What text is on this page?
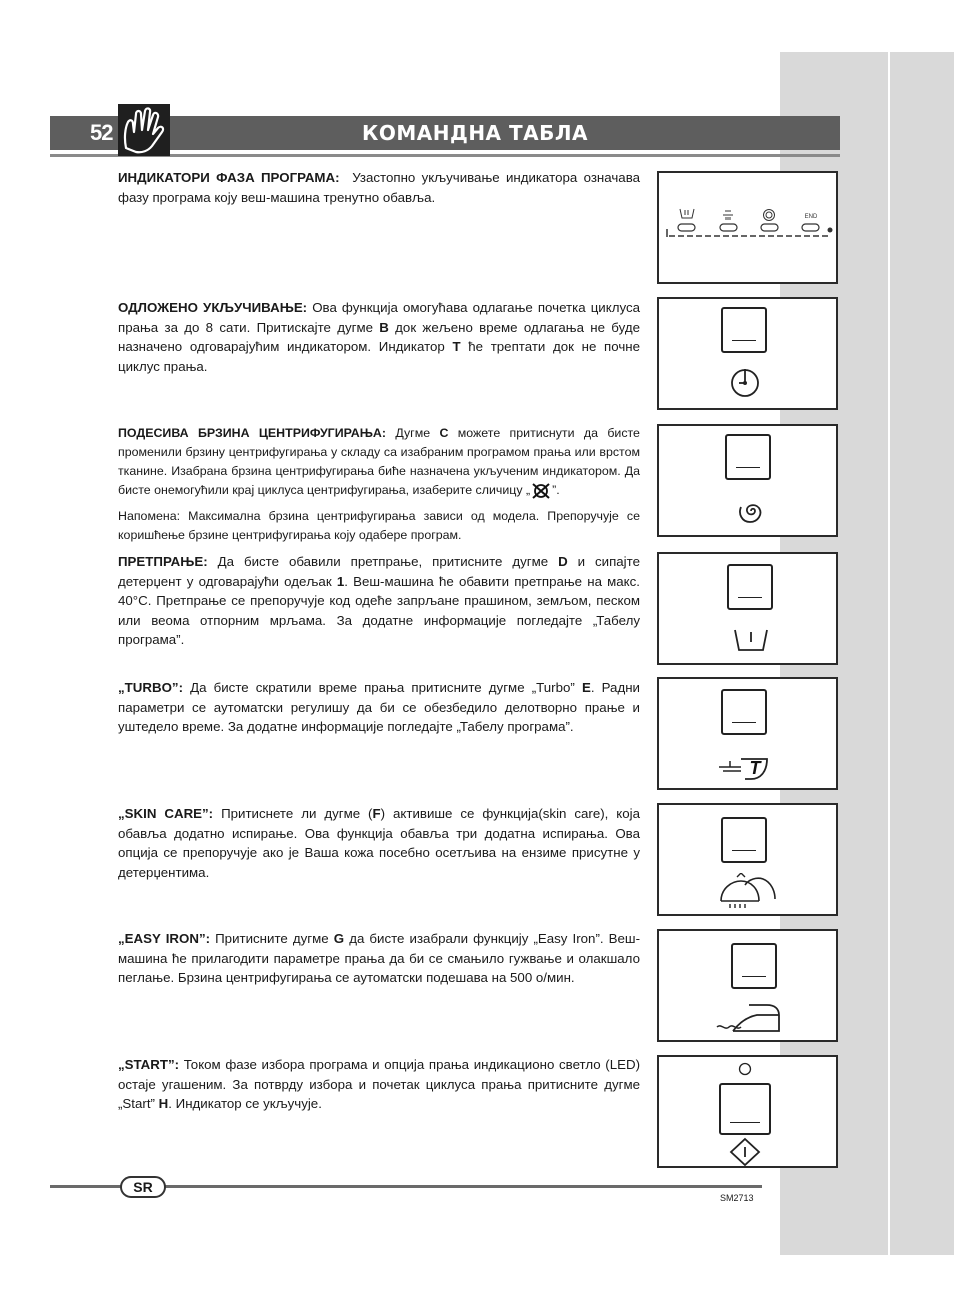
52	КОМАНДНА ТАБЛА
ИНДИКАТОРИ ФАЗА ПРОГРАМА: Узастопно укључивање индикатора означава фазу програма коју веш-машина тренутно обавља.
END
ОДЛОЖЕНО УКЉУЧИВАЊЕ: Ова функција омогућава одлагање почетка циклуса прања за до 8 сати. Притискајте дугме B док жељено време одлагања не буде назначено одговарајућим индикатором. Индикатор T ће трептати док не почне циклус прања.
ПОДЕСИВА БРЗИНА ЦЕНТРИФУГИРАЊА: Дугме C можете притиснути да бисте променили брзину центрифугирања у складу са изабраним програмом прања или врстом тканине. Изабрана брзина центрифугирања биће назначена укљученим индикатором. Да бисте онемогућили крај циклуса центрифугирања, изаберите сличицу „ ”.
Напомена: Максимална брзина центрифугирања зависи од модела. Препоручује се коришћење брзине центрифугирања коју одабере програм.
ПРЕТПРАЊЕ: Да бисте обавили претпрање, притисните дугме D и сипајте детерџент у одговарајући одељак 1. Веш-машина ће обавити претпрање на макс. 40°C. Претпрање се препоручује код одеће запрљане прашином, земљом, песком или веома отпорним мрљама. За додатне информације погледајте „Табелу програма”.
„TURBO”: Да бисте скратили време прања притисните дугме „Turbo” E. Радни параметри се аутоматски регулишу да би се обезбедило делотворно прање и уштедело време. За додатне информације погледајте „Табелу програма”.
T
„SKIN CARE”: Притиснете ли дугме (F) активише се функција(skin care), која обавља додатно испирање. Ова функција обавља три додатна испирања. Ова опција се препоручује ако је Ваша кожа посебно осетљива на ензиме присутне у детерџентима.
„EASY IRON”: Притисните дугме G да бисте изабрали функцију „Easy Iron”. Веш-машина ће прилагодити параметре прања да би се смањило гужвање и олакшало пеглање. Брзина центрифугирања се аутоматски подешава на 500 о/мин.
„START”: Током фазе избора програма и опција прања индикационо светло (LED) остаје угашеним. За потврду избора и почетак циклуса прања притисните дугме „Start” H. Индикатор се укључује.
SR
SM2713
